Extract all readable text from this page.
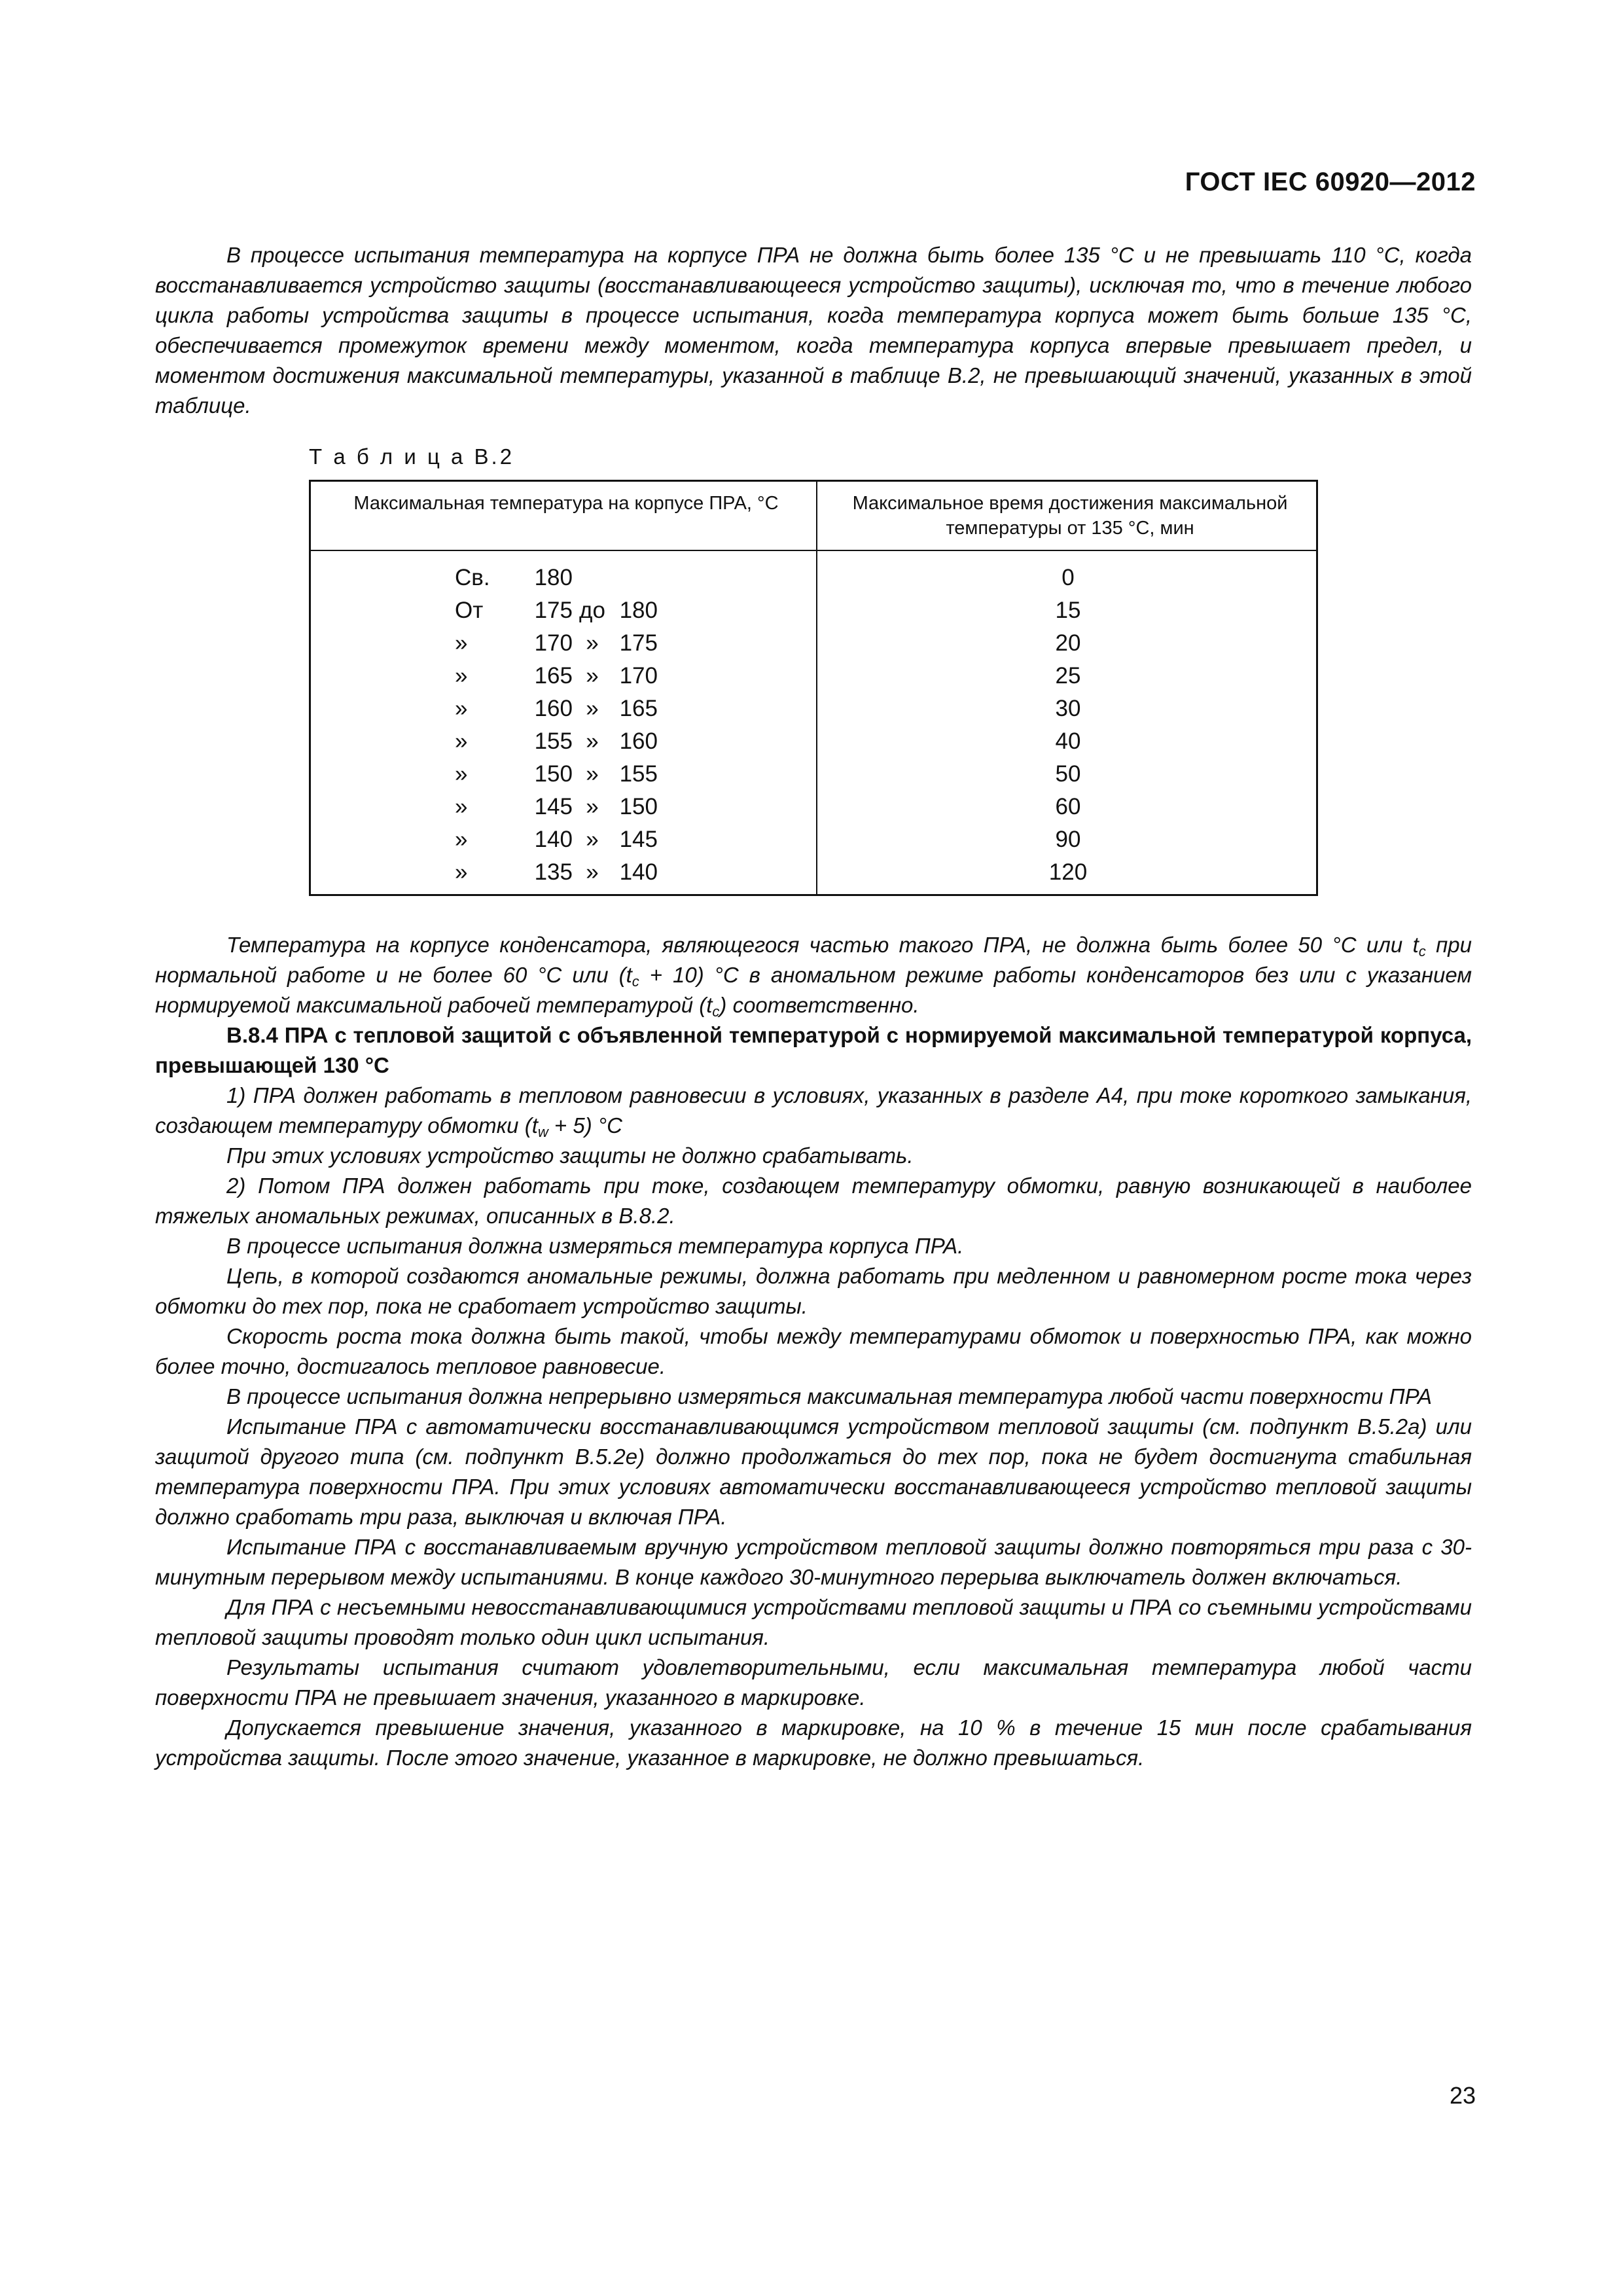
ГОСТ IEC 60920—2012

В процессе испытания температура на корпусе ПРА не должна быть более 135 °С и не превышать 110 °С, когда восстанавливается устройство защиты (восстанавливающееся устройство защиты), исключая то, что в течение любого цикла работы устройства защиты в процессе испытания, когда температура корпуса может быть больше 135 °С, обеспечивается промежуток времени между моментом, когда температура корпуса впервые превышает предел, и моментом достижения максимальной температуры, указанной в таблице В.2, не превышающий значений, указанных в этой таблице.

Т а б л и ц а В.2
Максимальная температура на корпусе ПРА, °С	Максимальное время достижения максимальной температуры от 135 °С, мин
Св. 180	0
От 175 до 180	15
»	170 » 175	20
»	165 » 170	25
»	160 » 165	30
»	155 » 160	40
»	150 » 155	50
»	145 » 150	60
»	140 » 145	90
»	135 » 140	120

Температура на корпусе конденсатора, являющегося частью такого ПРА, не должна быть более 50 °С или $t_c$ при нормальной работе и не более 60 °С или $(t_c + 10)$ °С в аномальном режиме работы конденсаторов без или с указанием нормируемой максимальной рабочей температурой $(t_c)$ соответственно.

В.8.4 ПРА с тепловой защитой с объявленной температурой с нормируемой максимальной температурой корпуса, превышающей 130 °С

1) ПРА должен работать в тепловом равновесии в условиях, указанных в разделе А4, при токе короткого замыкания, создающем температуру обмотки $(t_w + 5)$ °С

При этих условиях устройство защиты не должно срабатывать.

2) Потом ПРА должен работать при токе, создающем температуру обмотки, равную возникающей в наиболее тяжелых аномальных режимах, описанных в В.8.2.

В процессе испытания должна измеряться температура корпуса ПРА.

Цепь, в которой создаются аномальные режимы, должна работать при медленном и равномерном росте тока через обмотки до тех пор, пока не сработает устройство защиты.

Скорость роста тока должна быть такой, чтобы между температурами обмоток и поверхностью ПРА, как можно более точно, достигалось тепловое равновесие.

В процессе испытания должна непрерывно измеряться максимальная температура любой части поверхности ПРА

Испытание ПРА с автоматически восстанавливающимся устройством тепловой защиты (см. подпункт В.5.2а) или защитой другого типа (см. подпункт В.5.2е) должно продолжаться до тех пор, пока не будет достигнута стабильная температура поверхности ПРА. При этих условиях автоматически восстанавливающееся устройство тепловой защиты должно сработать три раза, выключая и включая ПРА.

Испытание ПРА с восстанавливаемым вручную устройством тепловой защиты должно повторяться три раза с 30-минутным перерывом между испытаниями. В конце каждого 30-минутного перерыва выключатель должен включаться.

Для ПРА с несъемными невосстанавливающимися устройствами тепловой защиты и ПРА со съемными устройствами тепловой защиты проводят только один цикл испытания.

Результаты испытания считают удовлетворительными, если максимальная температура любой части поверхности ПРА не превышает значения, указанного в маркировке.

Допускается превышение значения, указанного в маркировке, на 10 % в течение 15 мин после срабатывания устройства защиты. После этого значение, указанное в маркировке, не должно превышаться.

23
